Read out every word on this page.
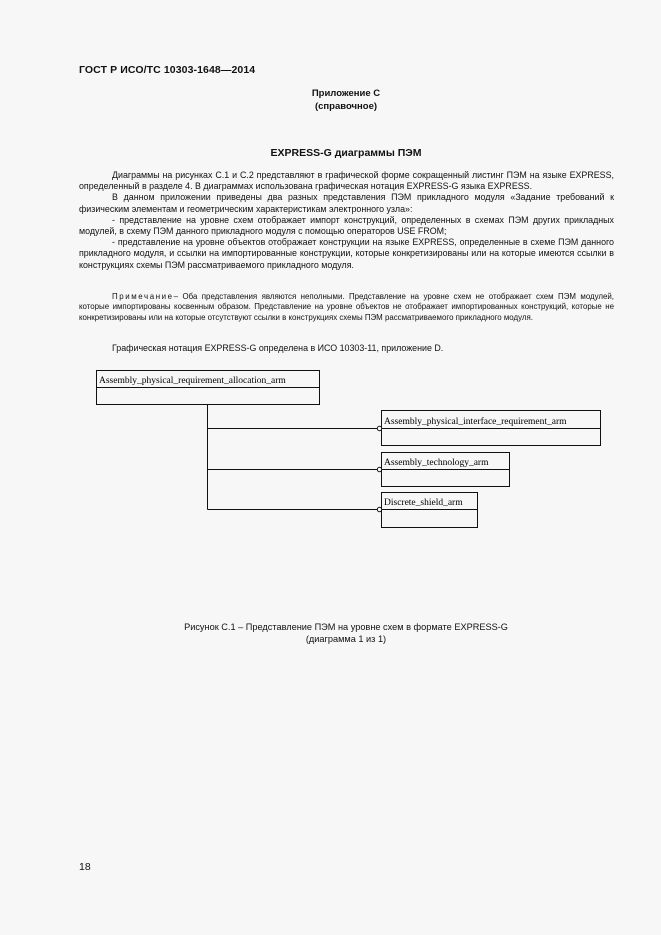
ГОСТ Р ИСО/ТС 10303-1648—2014
Приложение С
(справочное)
EXPRESS-G диаграммы ПЭМ

Диаграммы на рисунках С.1 и С.2 представляют в графической форме сокращенный листинг ПЭМ на языке EXPRESS, определенный в разделе 4. В диаграммах использована графическая нотация EXPRESS-G языка EXPRESS.

В данном приложении приведены два разных представления ПЭМ прикладного модуля «Задание требований к физическим элементам и геометрическим характеристикам электронного узла»:

- представление на уровне схем отображает импорт конструкций, определенных в схемах ПЭМ других прикладных модулей, в схему ПЭМ данного прикладного модуля с помощью операторов USE FROM;

- представление на уровне объектов отображает конструкции на языке EXPRESS, определенные в схеме ПЭМ данного прикладного модуля, и ссылки на импортированные конструкции, которые конкретизированы или на которые имеются ссылки в конструкциях схемы ПЭМ рассматриваемого прикладного модуля.

Примечание– Оба представления являются неполными. Представление на уровне схем не отображает схем ПЭМ модулей, которые импортированы косвенным образом. Представление на уровне объектов не отображает импортированных конструкций, которые не конкретизированы или на которые отсутствуют ссылки в конструкциях схемы ПЭМ рассматриваемого прикладного модуля.

Графическая нотация EXPRESS-G определена в ИСО 10303-11, приложение D.
Assembly_physical_requirement_allocation_arm
Assembly_physical_interface_requirement_arm
Assembly_technology_arm
Discrete_shield_arm
Рисунок С.1 – Представление ПЭМ на уровне схем в формате EXPRESS-G
(диаграмма 1 из 1)
18
